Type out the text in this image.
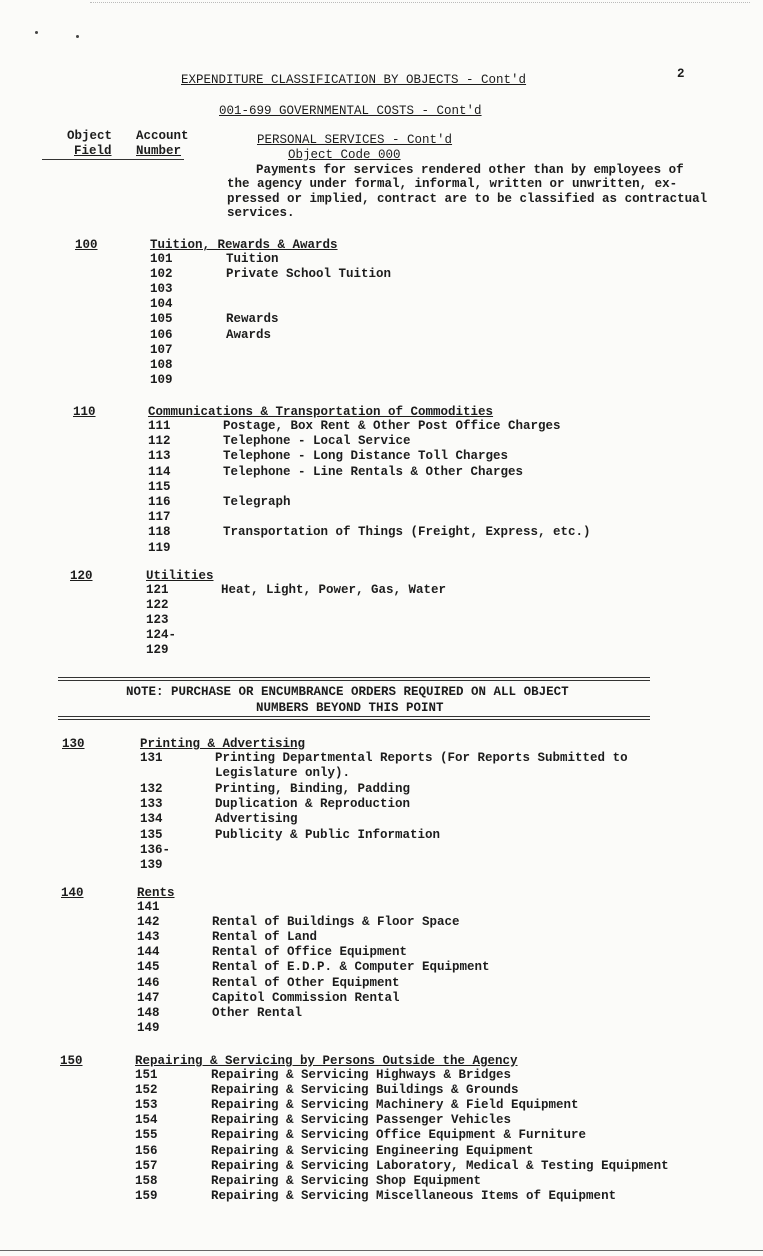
EXPENDITURE CLASSIFICATION BY OBJECTS - Cont'd	2
001-699 GOVERNMENTAL COSTS - Cont'd
Object
Field
Account
Number
PERSONAL SERVICES - Cont'd
Object Code 000
Payments for services rendered other than by employees of
the agency under formal, informal, written or unwritten, ex-
pressed or implied, contract are to be classified as contractual
services.
NOTE: PURCHASE OR ENCUMBRANCE ORDERS REQUIRED ON ALL OBJECT
NUMBERS BEYOND THIS POINT
100	Tuition, Rewards & Awards
101	Tuition
102	Private School Tuition
103
104
105	Rewards
106	Awards
107
108
109
110	Communications & Transportation of Commodities
111	Postage, Box Rent & Other Post Office Charges
112	Telephone - Local Service
113	Telephone - Long Distance Toll Charges
114	Telephone - Line Rentals & Other Charges
115
116	Telegraph
117
118	Transportation of Things (Freight, Express, etc.)
119
120	Utilities
121	Heat, Light, Power, Gas, Water
122
123
124-
129
130	Printing & Advertising
131	Printing Departmental Reports (For Reports Submitted to
Legislature only).
132	Printing, Binding, Padding
133	Duplication & Reproduction
134	Advertising
135	Publicity & Public Information
136-
139
140	Rents
141
142	Rental of Buildings & Floor Space
143	Rental of Land
144	Rental of Office Equipment
145	Rental of E.D.P. & Computer Equipment
146	Rental of Other Equipment
147	Capitol Commission Rental
148	Other Rental
149
150	Repairing & Servicing by Persons Outside the Agency
151	Repairing & Servicing Highways & Bridges
152	Repairing & Servicing Buildings & Grounds
153	Repairing & Servicing Machinery & Field Equipment
154	Repairing & Servicing Passenger Vehicles
155	Repairing & Servicing Office Equipment & Furniture
156	Repairing & Servicing Engineering Equipment
157	Repairing & Servicing Laboratory, Medical & Testing Equipment
158	Repairing & Servicing Shop Equipment
159	Repairing & Servicing Miscellaneous Items of Equipment
